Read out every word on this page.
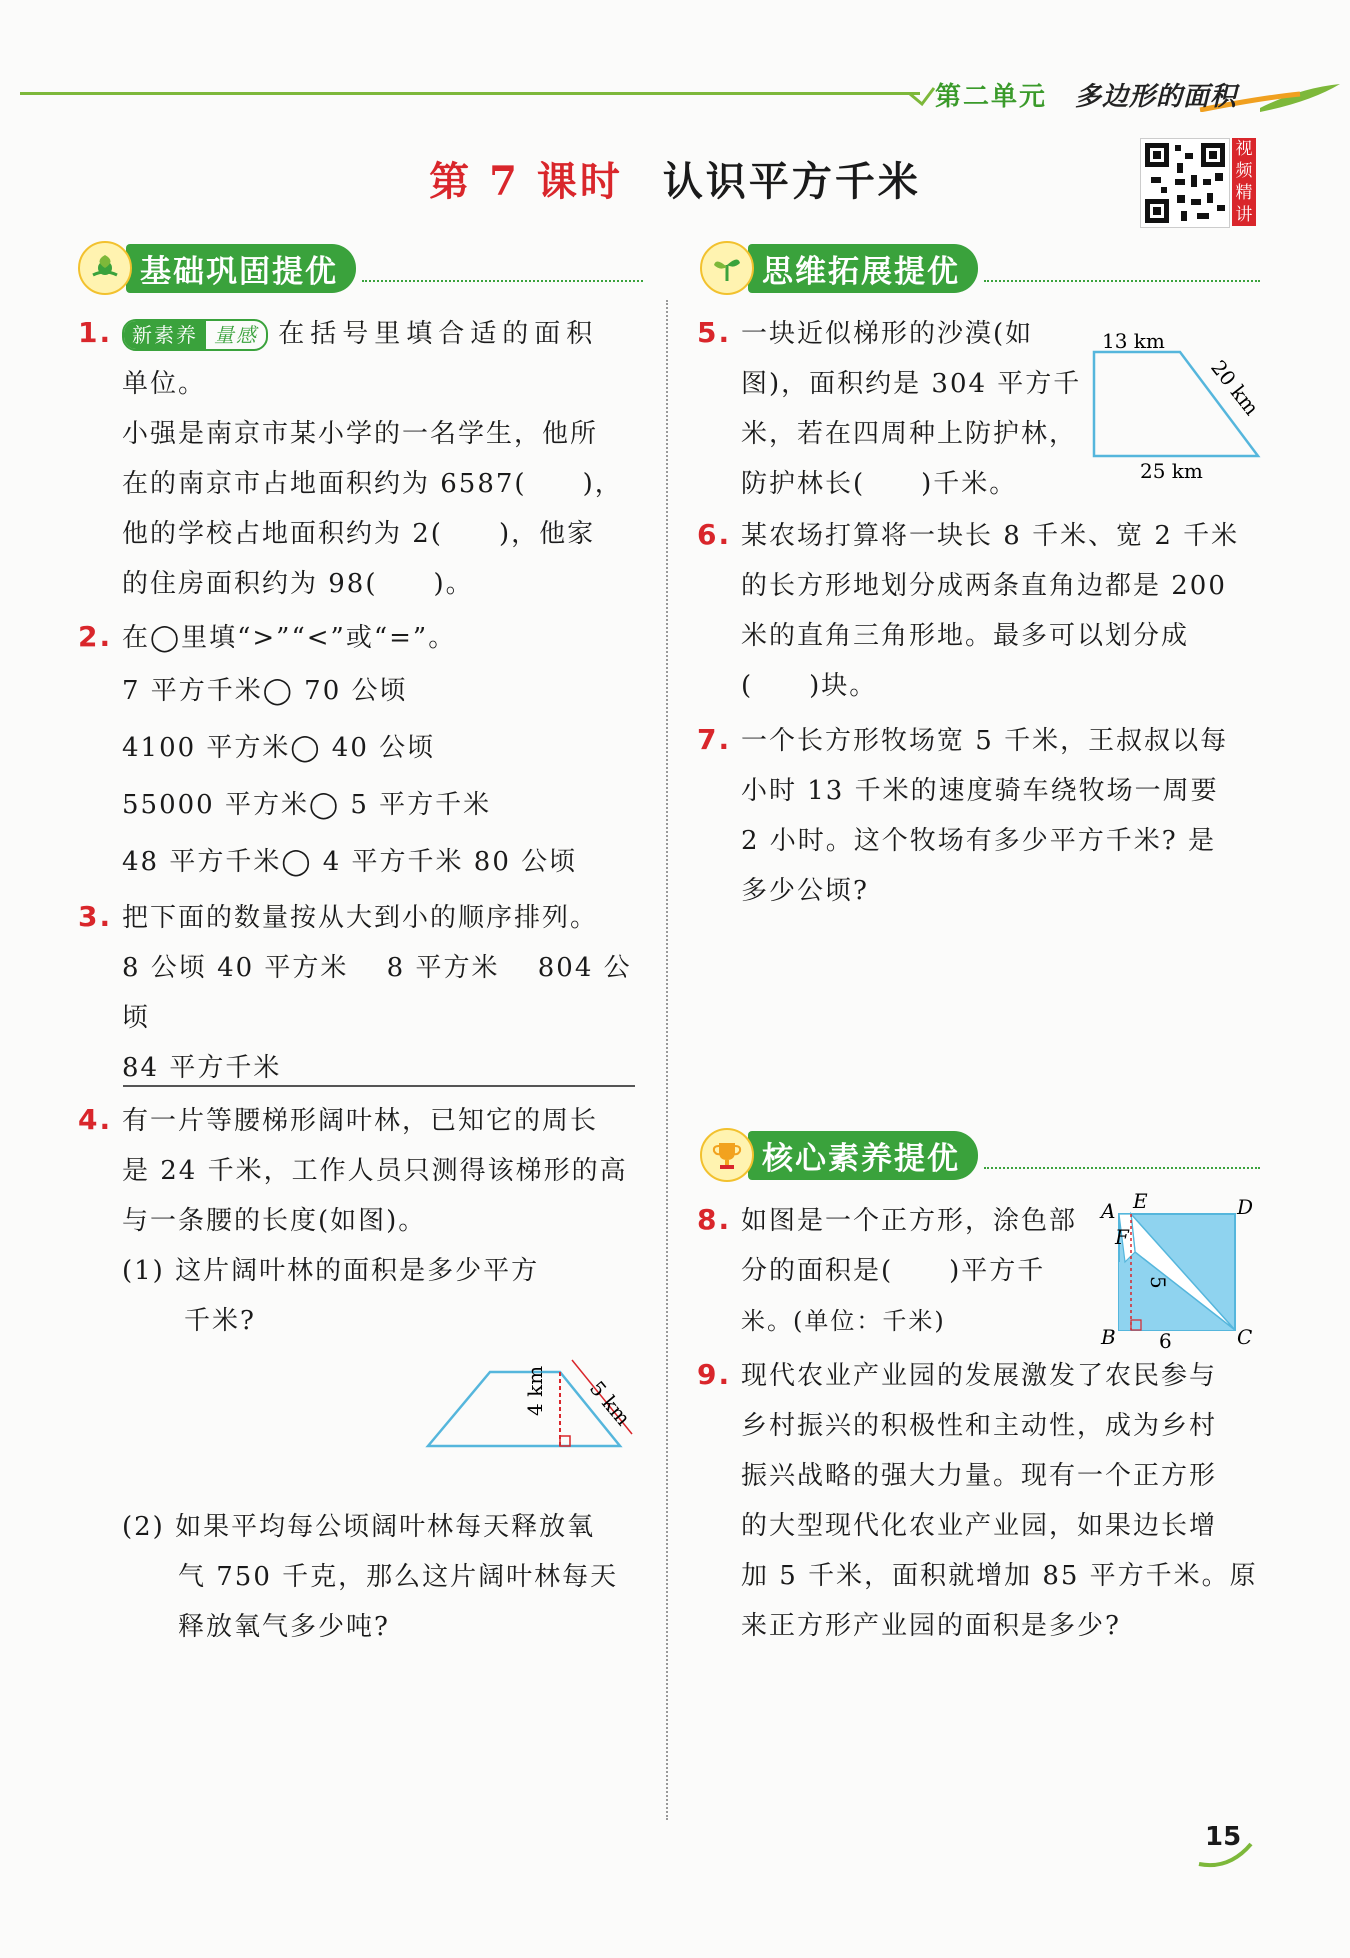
第二单元 多边形的面积
第 7 课时 认识平方千米
视
频
精
讲
基础巩固提优
1. 新素养 量感 在括号里填合适的面积
单位。
小强是南京市某小学的一名学生，他所
在的南京市占地面积约为 6587(　　)，
他的学校占地面积约为 2(　　)，他家
的住房面积约为 98(　　)。
2. 在◯里填“>”“<”或“=”。
7 平方千米◯ 70 公顷
4100 平方米◯ 40 公顷
55000 平方米◯ 5 平方千米
48 平方千米◯ 4 平方千米 80 公顷
3. 把下面的数量按从大到小的顺序排列。
8 公顷 40 平方米　 8 平方米　 804 公顷
84 平方千米
4. 有一片等腰梯形阔叶林，已知它的周长
是 24 千米，工作人员只测得该梯形的高
与一条腰的长度(如图)。
(1) 这片阔叶林的面积是多少平方
千米?
4 km 5 km
(2) 如果平均每公顷阔叶林每天释放氧
气 750 千克，那么这片阔叶林每天
释放氧气多少吨?
思维拓展提优
5. 一块近似梯形的沙漠(如
图)，面积约是 304 平方千
米，若在四周种上防护林，
防护林长(　　)千米。
13 km
20 km
25 km
6. 某农场打算将一块长 8 千米、宽 2 千米
的长方形地划分成两条直角边都是 200
米的直角三角形地。最多可以划分成
(　　)块。
7. 一个长方形牧场宽 5 千米，王叔叔以每
小时 13 千米的速度骑车绕牧场一周要
2 小时。这个牧场有多少平方千米? 是
多少公顷?
核心素养提优
8. 如图是一个正方形，涂色部
分的面积是(　　)平方千
米。(单位：千米)
A E	D
F
B	C
5
6
9. 现代农业产业园的发展激发了农民参与
乡村振兴的积极性和主动性，成为乡村
振兴战略的强大力量。现有一个正方形
的大型现代化农业产业园，如果边长增
加 5 千米，面积就增加 85 平方千米。原
来正方形产业园的面积是多少?
15
